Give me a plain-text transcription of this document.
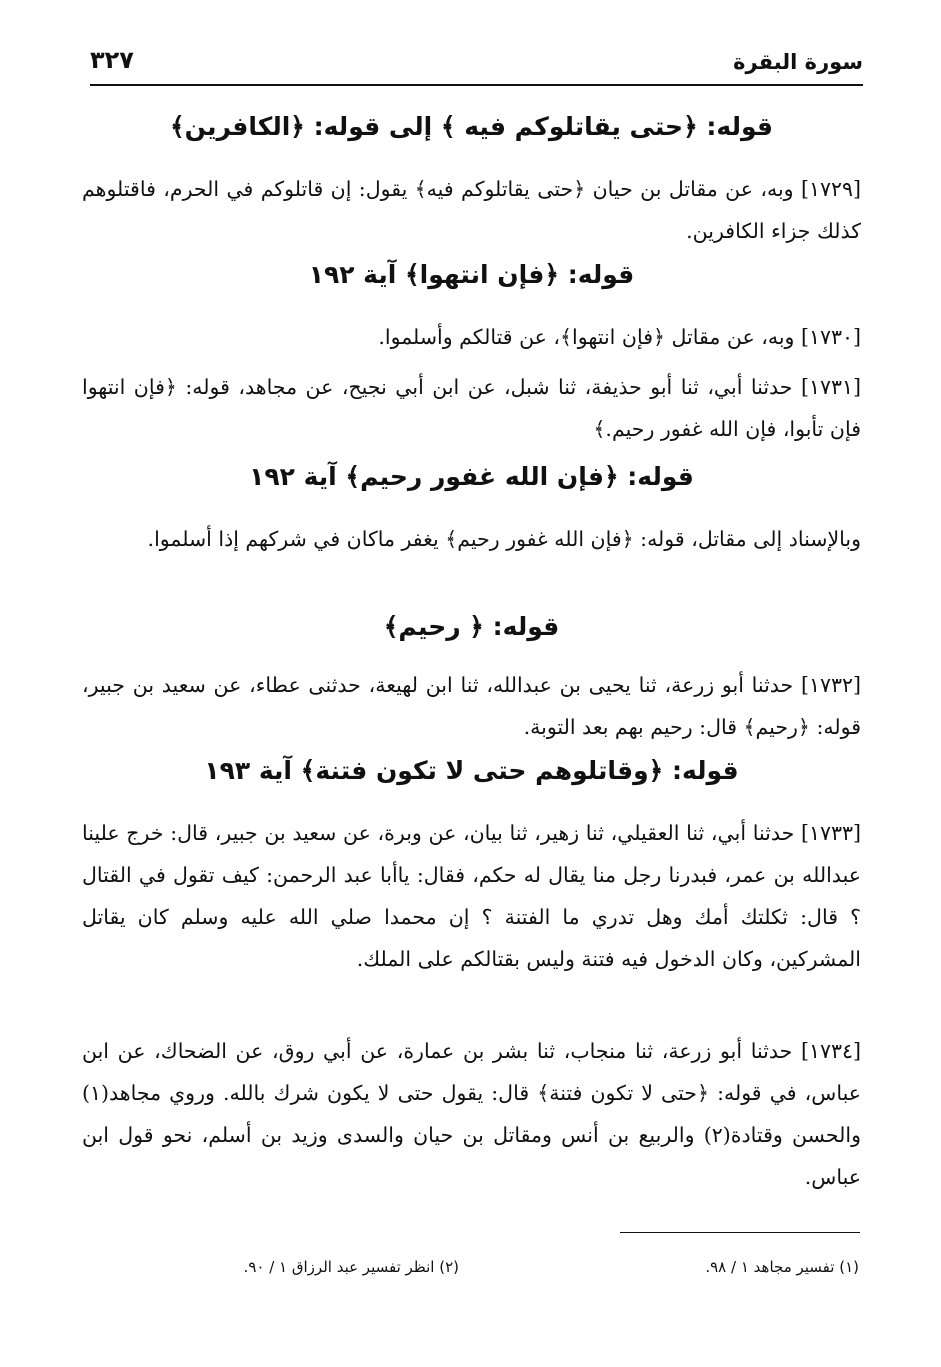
سورة البقرة
٣٢٧
قوله: ﴿حتى يقاتلوكم فيه ﴾ إلى قوله: ﴿الكافرين﴾

[١٧٢٩] وبه، عن مقاتل بن حيان ﴿حتى يقاتلوكم فيه﴾ يقول: إن قاتلوكم في الحرم، فاقتلوهم كذلك جزاء الكافرين.

قوله: ﴿فإن انتهوا﴾ آية ١٩٢

[١٧٣٠] وبه، عن مقاتل ﴿فإن انتهوا﴾، عن قتالكم وأسلموا.

[١٧٣١] حدثنا أبي، ثنا أبو حذيفة، ثنا شبل، عن ابن أبي نجيح، عن مجاهد، قوله: ﴿فإن انتهوا فإن تأبوا، فإن الله غفور رحيم.﴾

قوله: ﴿فإن الله غفور رحيم﴾ آية ١٩٢

وبالإسناد إلى مقاتل، قوله: ﴿فإن الله غفور رحيم﴾ يغفر ماكان في شركهم إذا أسلموا.

قوله: ﴿ رحيم﴾

[١٧٣٢] حدثنا أبو زرعة، ثنا يحيى بن عبدالله، ثنا ابن لهيعة، حدثنى عطاء، عن سعيد بن جبير، قوله: ﴿رحيم﴾ قال: رحيم بهم بعد التوبة.

قوله: ﴿وقاتلوهم حتى لا تكون فتنة﴾ آية ١٩٣

[١٧٣٣] حدثنا أبي، ثنا العقيلي، ثنا زهير، ثنا بيان، عن وبرة، عن سعيد بن جبير، قال: خرج علينا عبدالله بن عمر، فبدرنا رجل منا يقال له حكم، فقال: ياأبا عبد الرحمن: كيف تقول في القتال ؟ قال: ثكلتك أمك وهل تدري ما الفتنة ؟ إن محمدا صلي الله عليه وسلم كان يقاتل المشركين، وكان الدخول فيه فتنة وليس بقتالكم على الملك.

[١٧٣٤] حدثنا أبو زرعة، ثنا منجاب، ثنا بشر بن عمارة، عن أبي روق، عن الضحاك، عن ابن عباس، في قوله: ﴿حتى لا تكون فتنة﴾ قال: يقول حتى لا يكون شرك بالله. وروي مجاهد(١) والحسن وقتادة(٢) والربيع بن أنس ومقاتل بن حيان والسدى وزيد بن أسلم، نحو قول ابن عباس.

(١) تفسير مجاهد ١ / ٩٨.
(٢) انظر تفسير عبد الرزاق ١ / ٩٠.
